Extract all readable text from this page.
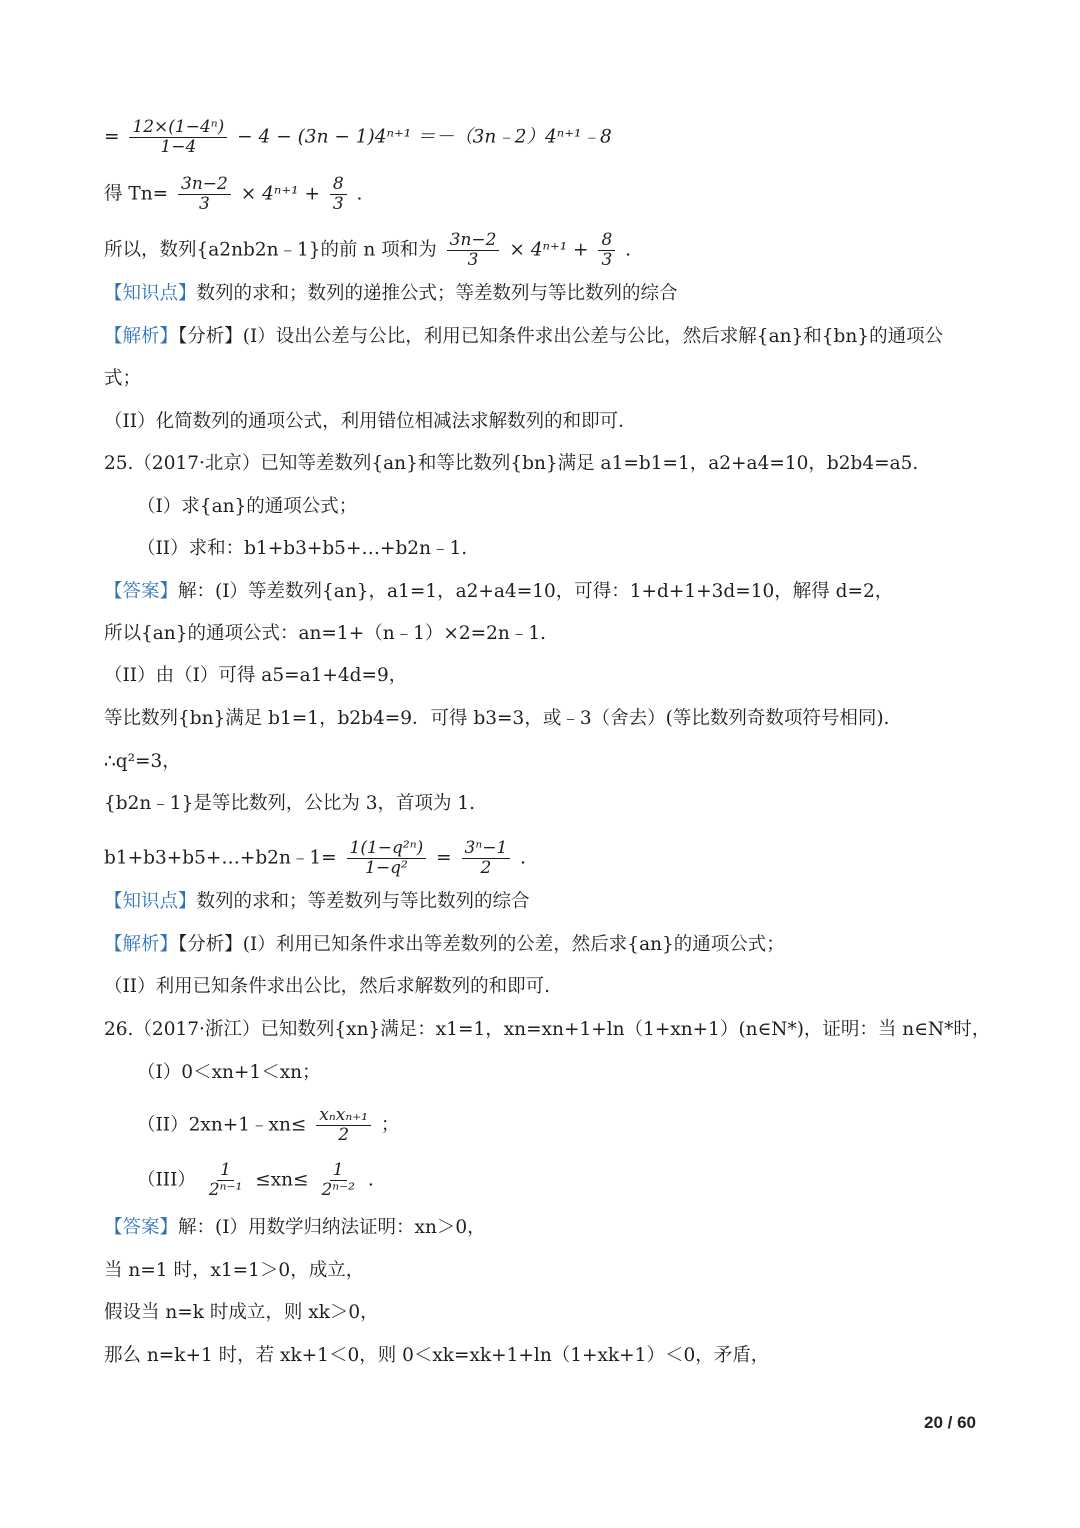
= $\frac{\text{12×(1−4ⁿ)}}{1-4} - 4 - (3n - 1)4^{n+1}$ ＝－（3n﹣2）4ⁿ⁺¹﹣8
得 $Tn= \frac{3n-2}{3} \times 4^{n+1} + \frac{8}{3}$ .
所以，数列{a2nb2n﹣1}的前 n 项和为 $\frac{3n-2}{3} \times 4^{n+1} + \frac{8}{3}$ .
【知识点】数列的求和；数列的递推公式；等差数列与等比数列的综合
【解析】【分析】(I）设出公差与公比，利用已知条件求出公差与公比，然后求解{an}和{bn}的通项公
式；
（II）化简数列的通项公式，利用错位相减法求解数列的和即可．
25.（2017·北京）已知等差数列{an}和等比数列{bn}满足 a1=b1=1，a2+a4=10，b2b4=a5.
（I）求{an}的通项公式；
（II）求和：b1+b3+b5+…+b2n﹣1.
【答案】解：(I）等差数列{an}，a1=1，a2+a4=10，可得：1+d+1+3d=10，解得 d=2，
所以{an}的通项公式：an=1+（n﹣1）×2=2n﹣1.
（II）由（I）可得 a5=a1+4d=9，
等比数列{bn}满足 b1=1，b2b4=9．可得 b3=3，或﹣3（舍去）(等比数列奇数项符号相同).
∴q²=3，
{b2n﹣1}是等比数列，公比为 3，首项为 1.
b1+b3+b5+…+b2n﹣1= $\frac{\text{1(1−q²ⁿ)}}{\text{1−q²}} = \frac{\text{3ⁿ−1}}{2}$ .
【知识点】数列的求和；等差数列与等比数列的综合
【解析】【分析】(I）利用已知条件求出等差数列的公差，然后求{an}的通项公式；
（II）利用已知条件求出公比，然后求解数列的和即可.
26.（2017·浙江）已知数列{xn}满足：x1=1，xn=xn+1+ln（1+xn+1）(n∈N*)，证明：当 n∈N*时，
（I）0＜xn+1＜xn；
（II）2xn+1﹣xn≤ $\frac{\text{xₙxₙ₊₁}}{2}$ ；
$(III) \frac{1}{\text{2ⁿ⁻¹}} \le xn\le \frac{1}{\text{2ⁿ⁻²}}$ .
【答案】解：(I）用数学归纳法证明：xn＞0，
当 n=1 时，x1=1＞0，成立，
假设当 n=k 时成立，则 xk＞0，
那么 n=k+1 时，若 xk+1＜0，则 0＜xk=xk+1+ln（1+xk+1）＜0，矛盾，
20 / 60
